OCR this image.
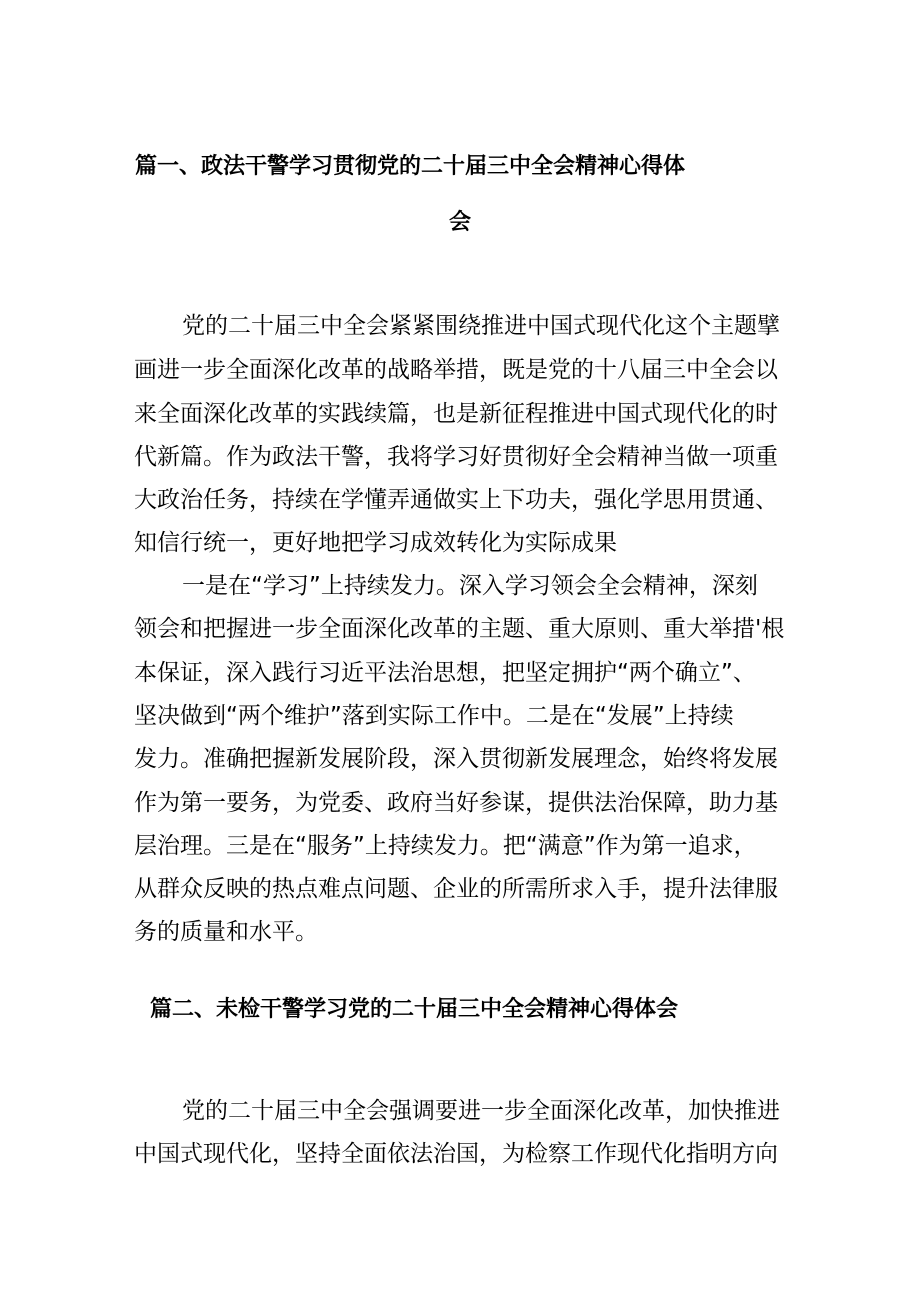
篇一、政法干警学习贯彻党的二十届三中全会精神心得体
会

党的二十届三中全会紧紧围绕推进中国式现代化这个主题擘

画进一步全面深化改革的战略举措，既是党的十八届三中全会以

来全面深化改革的实践续篇，也是新征程推进中国式现代化的时

代新篇。作为政法干警，我将学习好贯彻好全会精神当做一项重

大政治任务，持续在学懂弄通做实上下功夫，强化学思用贯通、

知信行统一，更好地把学习成效转化为实际成果

一是在“学习”上持续发力。深入学习领会全会精神，深刻

领会和把握进一步全面深化改革的主题、重大原则、重大举措'根

本保证，深入践行习近平法治思想，把坚定拥护“两个确立”、

坚决做到“两个维护”落到实际工作中。二是在“发展”上持续

发力。准确把握新发展阶段，深入贯彻新发展理念，始终将发展

作为第一要务，为党委、政府当好参谋，提供法治保障，助力基

层治理。三是在“服务”上持续发力。把“满意”作为第一追求，

从群众反映的热点难点问题、企业的所需所求入手，提升法律服

务的质量和水平。

篇二、未检干警学习党的二十届三中全会精神心得体会

党的二十届三中全会强调要进一步全面深化改革，加快推进

中国式现代化，坚持全面依法治国，为检察工作现代化指明方向
